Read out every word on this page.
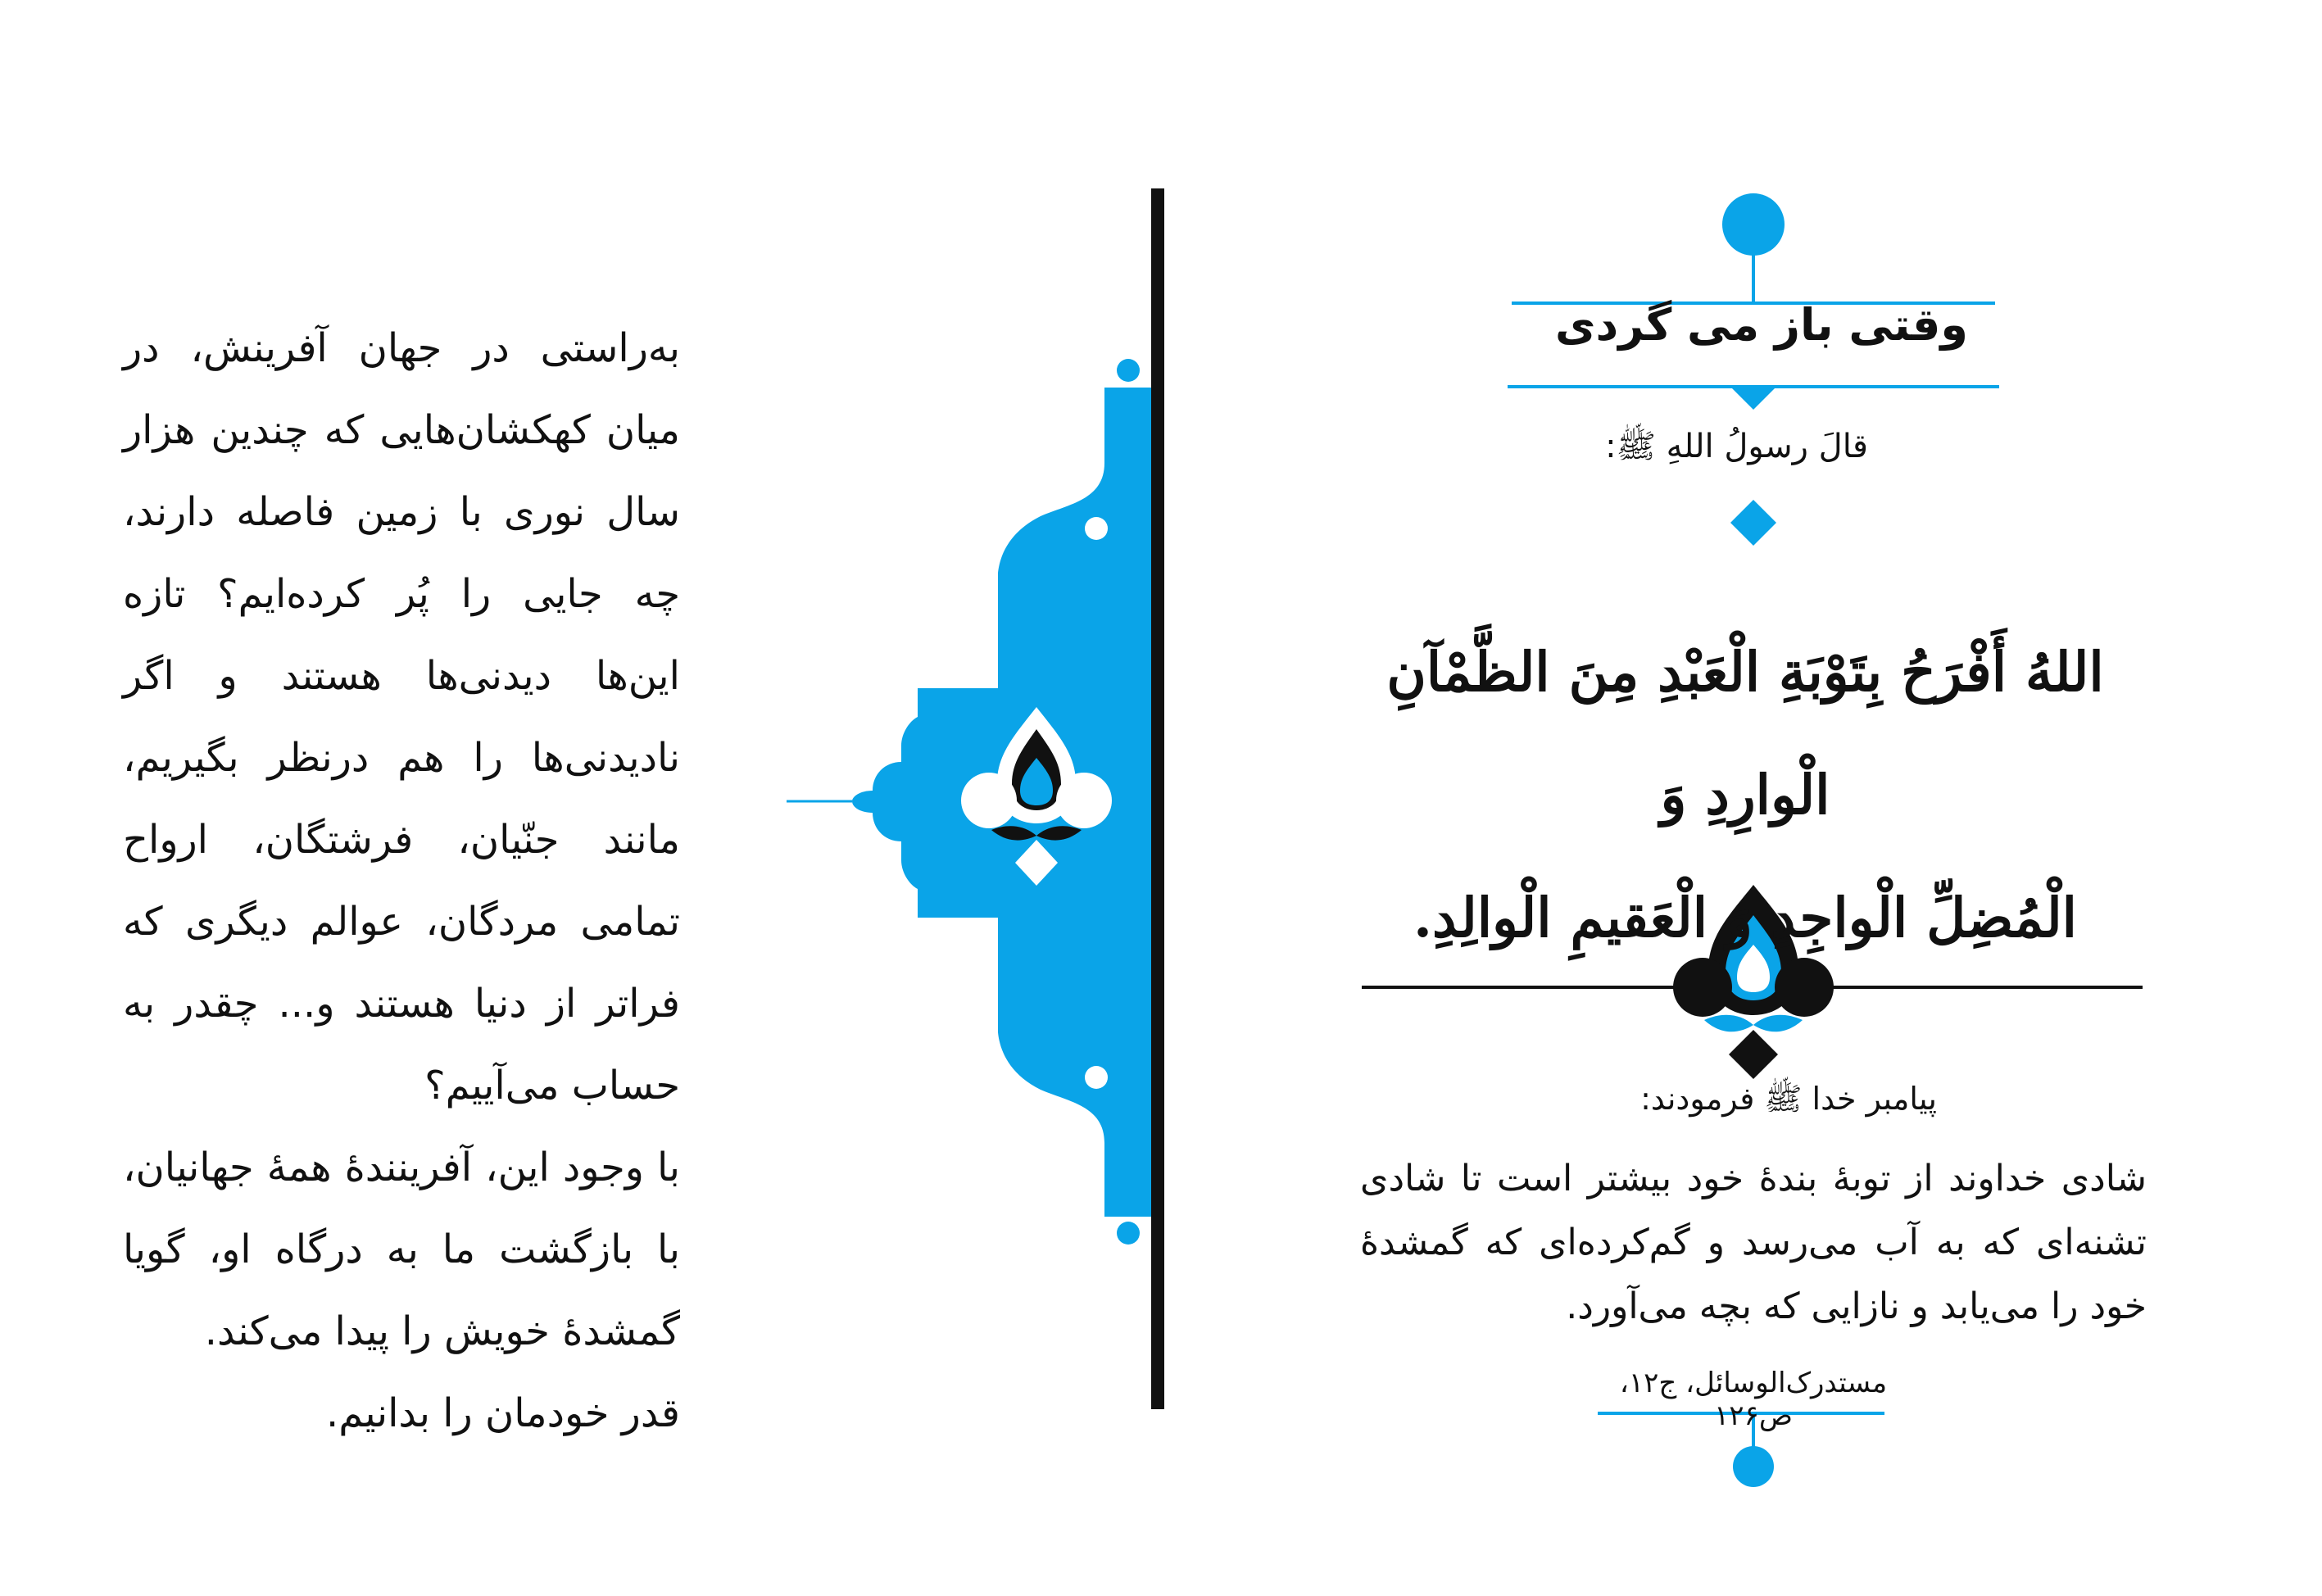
به‌راستی در جهان آفرینش، در میان کهکشان‌هایی که چندین هزار سال نوری با زمین فاصله دارند، چه جایی را پُر کرده‌ایم؟ تازه این‌ها دیدنی‌ها هستند و اگر نادیدنی‌ها را هم درنظر بگیریم، مانند جنّیان، فرشتگان، ارواح تمامی مردگان، عوالم دیگری که فراتر از دنیا هستند و... چقدر به حساب می‌آییم؟

با وجود این، آفرینندهٔ همهٔ جهانیان، با بازگشت ما به درگاه او، گویا گمشدهٔ خویش را پیدا می‌کند.

قدر خودمان را بدانیم.

وقتی باز می گردی
قالَ رسولُ اللهِ ﷺ:
اللهُ أَفْرَحُ بِتَوْبَةِ الْعَبْدِ مِنَ الظَّمْآنِ الْوارِدِ وَ
الْمُضِلِّ الْواجِدِ وَ الْعَقيمِ الْوالِدِ.
پیامبر خدا ﷺ فرمودند:

شادی خداوند از توبهٔ بندهٔ خود بیشتر است تا شادی تشنه‌ای که به آب می‌رسد و گم‌کرده‌ای که گمشدهٔ خود را می‌یابد و نازایی که بچه می‌آورد.

مستدرک‌الوسائل، ج۱۲، ص۱۲۶
